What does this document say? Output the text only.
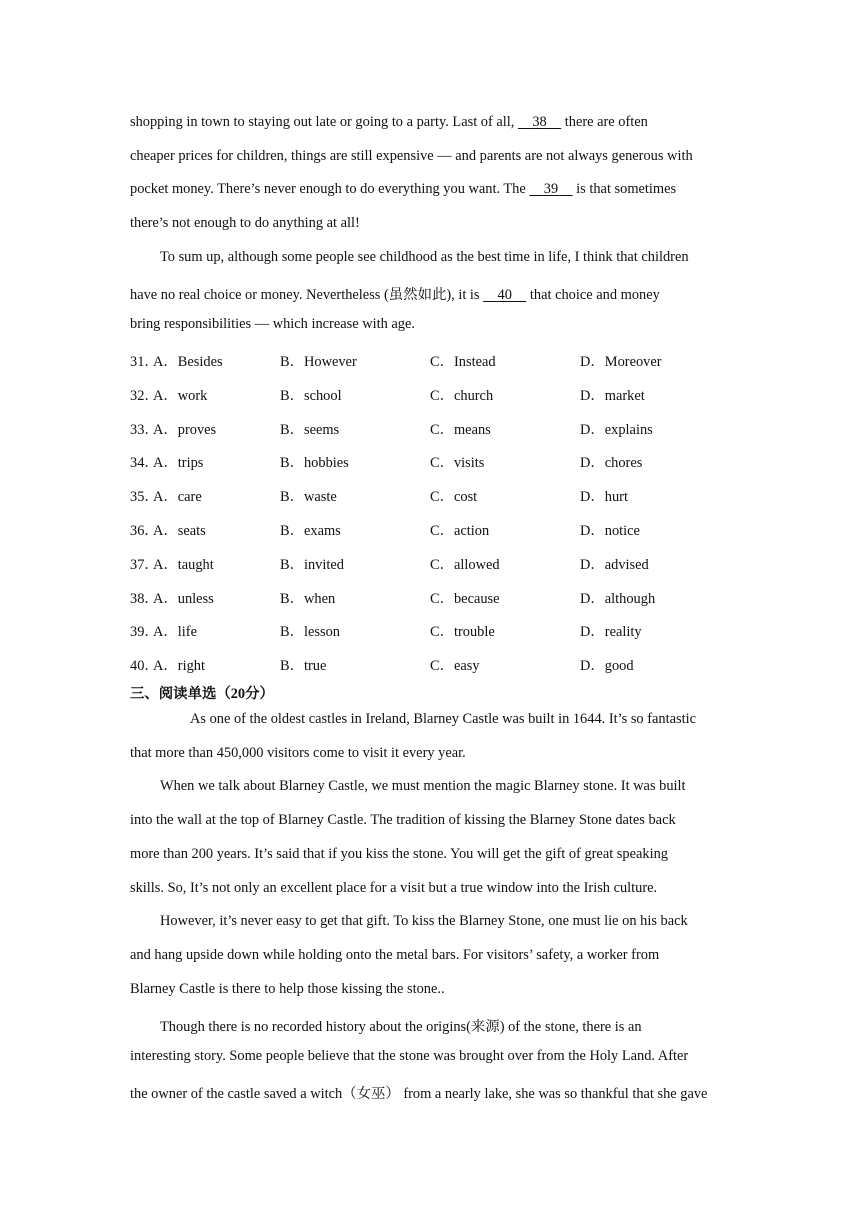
shopping in town to staying out late or going to a party. Last of all, 38 there are often
cheaper prices for children, things are still expensive — and parents are not always generous with
pocket money. There’s never enough to do everything you want. The 39 is that sometimes
there’s not enough to do anything at all!
To sum up, although some people see childhood as the best time in life, I think that children
have no real choice or money. Nevertheless (虽然如此), it is 40 that choice and money
bring responsibilities — which increase with age.
31．
A．Besides	B．However	C．Instead	D．Moreover
32．
A．work	B．school	C．church	D．market
33．
A．proves	B．seems	C．means	D．explains
34．
A．trips	B．hobbies	C．visits	D．chores
35．
A．care	B．waste	C．cost	D．hurt
36．
A．seats	B．exams	C．action	D．notice
37．
A．taught	B．invited	C．allowed	D．advised
38．
A．unless	B．when	C．because	D．although
39．
A．life	B．lesson	C．trouble	D．reality
40．
A．right	B．true	C．easy	D．good
三、阅读单选（20分）
As one of the oldest castles in Ireland, Blarney Castle was built in 1644. It’s so fantastic
that more than 450,000 visitors come to visit it every year.
When we talk about Blarney Castle, we must mention the magic Blarney stone. It was built
into the wall at the top of Blarney Castle. The tradition of kissing the Blarney Stone dates back
more than 200 years. It’s said that if you kiss the stone. You will get the gift of great speaking
skills. So, It’s not only an excellent place for a visit but a true window into the Irish culture.
However, it’s never easy to get that gift. To kiss the Blarney Stone, one must lie on his back
and hang upside down while holding onto the metal bars. For visitors’ safety, a worker from
Blarney Castle is there to help those kissing the stone..
Though there is no recorded history about the origins(来源) of the stone, there is an
interesting story. Some people believe that the stone was brought over from the Holy Land. After
the owner of the castle saved a witch（女巫） from a nearly lake, she was so thankful that she gave
